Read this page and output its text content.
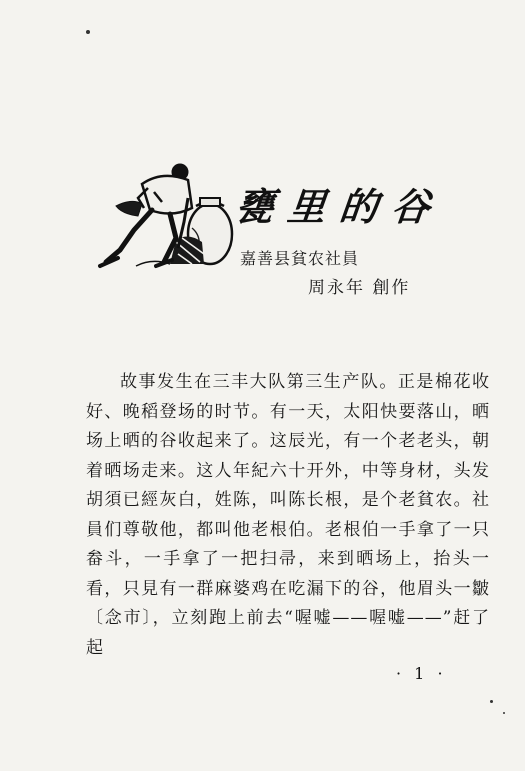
甕里的谷
嘉善县貧农社員
周永年 創作

故事发生在三丰大队第三生产队。正是棉花收好、晚稻登场的时节。有一天，太阳快要落山，晒场上晒的谷收起来了。这辰光，有一个老老头，朝着晒场走来。这人年紀六十开外，中等身材，头发胡須已經灰白，姓陈，叫陈长根，是个老貧农。社員们尊敬他，都叫他老根伯。老根伯一手拿了一只畚斗，一手拿了一把扫帚，来到晒场上，抬头一看，只見有一群麻婆鸡在吃漏下的谷，他眉头一皺〔念市〕，立刻跑上前去“喔嘘——喔嘘——”赶了起

· 1 ·
